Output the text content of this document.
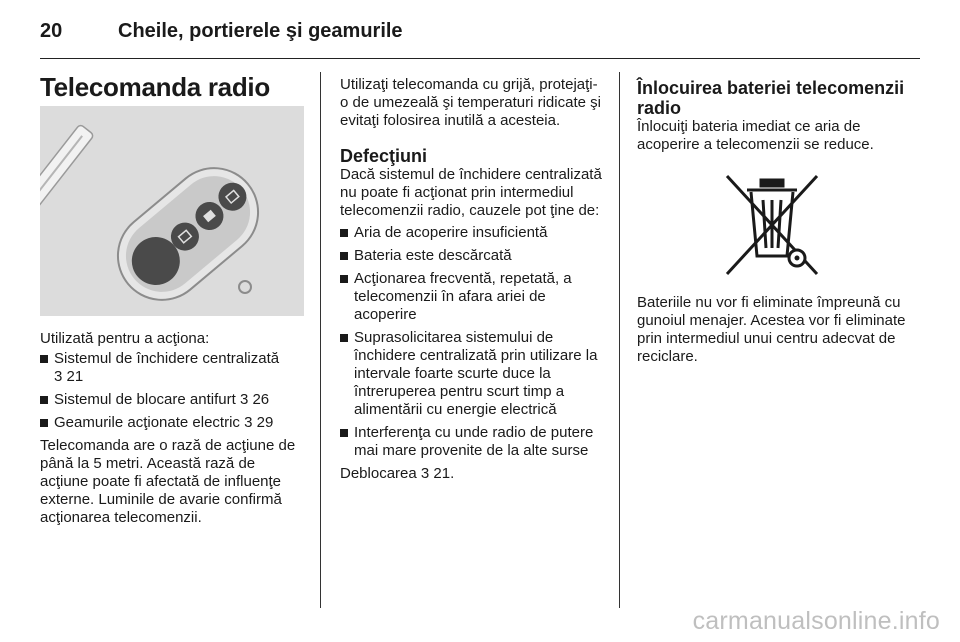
20	Cheile, portierele şi geamurile
Telecomanda radio

Utilizată pentru a acţiona:

Sistemul de închidere centralizată 3 21
Sistemul de blocare antifurt 3 26
Geamurile acţionate electric 3 29

Telecomanda are o rază de acţiune de până la 5 metri. Această rază de acţiune poate fi afectată de influenţe externe. Luminile de avarie confirmă acţionarea telecomenzii.

Utilizaţi telecomanda cu grijă, protejaţi-o de umezeală şi temperaturi ridicate şi evitaţi folosirea inutilă a acesteia.

Defecţiuni

Dacă sistemul de închidere centralizată nu poate fi acţionat prin intermediul telecomenzii radio, cauzele pot ţine de:

Aria de acoperire insuficientă
Bateria este descărcată
Acţionarea frecventă, repetată, a telecomenzii în afara ariei de acoperire
Suprasolicitarea sistemului de închidere centralizată prin utilizare la intervale foarte scurte duce la întreruperea pentru scurt timp a alimentării cu energie electrică
Interferenţa cu unde radio de putere mai mare provenite de la alte surse

Deblocarea 3 21.

Înlocuirea bateriei telecomenzii radio

Înlocuiţi bateria imediat ce aria de acoperire a telecomenzii se reduce.

Bateriile nu vor fi eliminate împreună cu gunoiul menajer. Acestea vor fi eliminate prin intermediul unui centru adecvat de reciclare.

carmanualsonline.info
